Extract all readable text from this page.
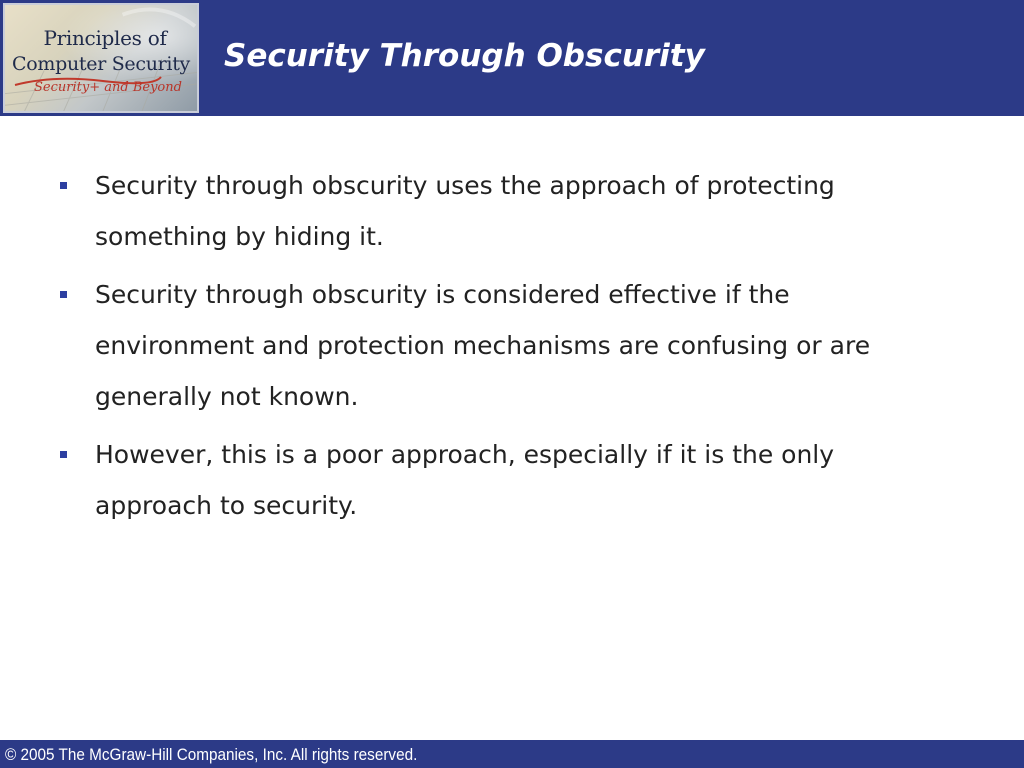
Principles of
Computer Security
Security+ and Beyond
Security Through Obscurity
Security through obscurity uses the approach of protecting something by hiding it.
Security through obscurity is considered effective if the environment and protection mechanisms are confusing or are generally not known.
However, this is a poor approach, especially if it is the only approach to security.
© 2005 The McGraw-Hill Companies, Inc. All rights reserved.
